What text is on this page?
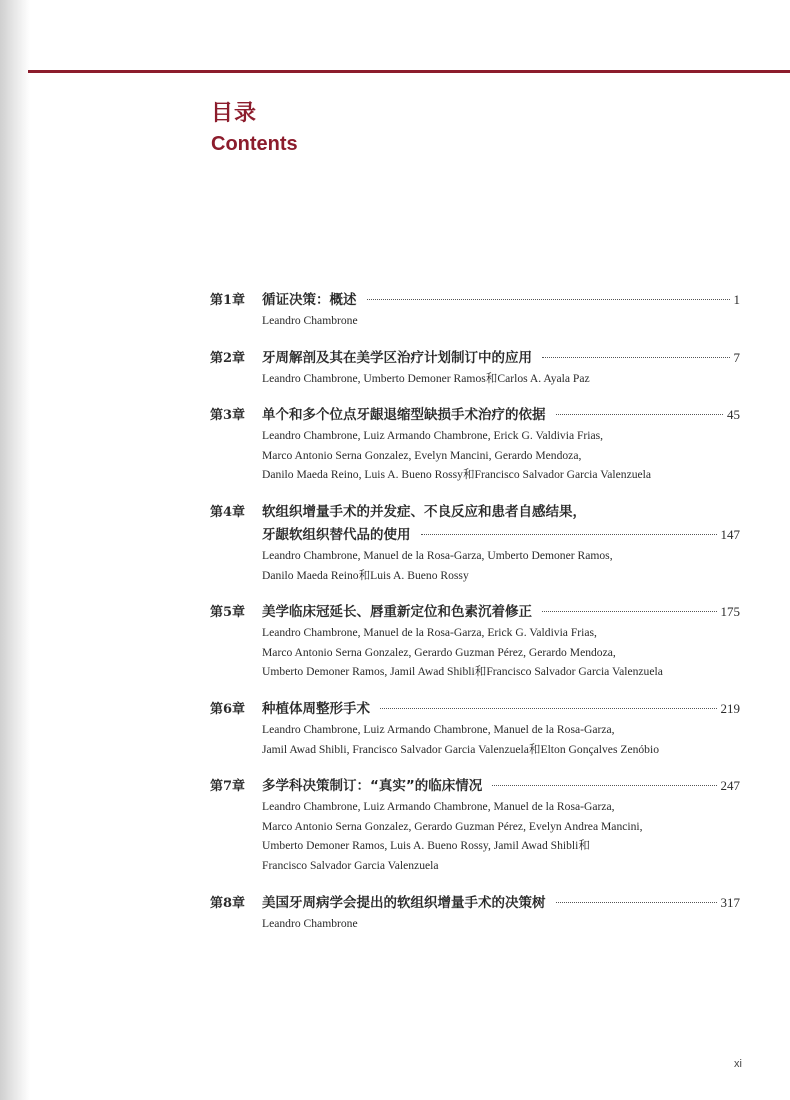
目录
Contents
第1章	循证决策：概述	1
Leandro Chambrone
第2章	牙周解剖及其在美学区治疗计划制订中的应用	7
Leandro Chambrone, Umberto Demoner Ramos和Carlos A. Ayala Paz
第3章	单个和多个位点牙龈退缩型缺损手术治疗的依据	45
Leandro Chambrone, Luiz Armando Chambrone, Erick G. Valdivia Frias,
Marco Antonio Serna Gonzalez, Evelyn Mancini, Gerardo Mendoza,
Danilo Maeda Reino, Luis A. Bueno Rossy和Francisco Salvador Garcia Valenzuela
第4章	软组织增量手术的并发症、不良反应和患者自感结果，
牙龈软组织替代品的使用	147
Leandro Chambrone, Manuel de la Rosa-Garza, Umberto Demoner Ramos,
Danilo Maeda Reino和Luis A. Bueno Rossy
第5章	美学临床冠延长、唇重新定位和色素沉着修正	175
Leandro Chambrone, Manuel de la Rosa-Garza, Erick G. Valdivia Frias,
Marco Antonio Serna Gonzalez, Gerardo Guzman Pérez, Gerardo Mendoza,
Umberto Demoner Ramos, Jamil Awad Shibli和Francisco Salvador Garcia Valenzuela
第6章	种植体周整形手术	219
Leandro Chambrone, Luiz Armando Chambrone, Manuel de la Rosa-Garza,
Jamil Awad Shibli, Francisco Salvador Garcia Valenzuela和Elton Gonçalves Zenóbio
第7章	多学科决策制订：“真实”的临床情况	247
Leandro Chambrone, Luiz Armando Chambrone, Manuel de la Rosa-Garza,
Marco Antonio Serna Gonzalez, Gerardo Guzman Pérez, Evelyn Andrea Mancini,
Umberto Demoner Ramos, Luis A. Bueno Rossy, Jamil Awad Shibli和
Francisco Salvador Garcia Valenzuela
第8章	美国牙周病学会提出的软组织增量手术的决策树	317
Leandro Chambrone
xi
